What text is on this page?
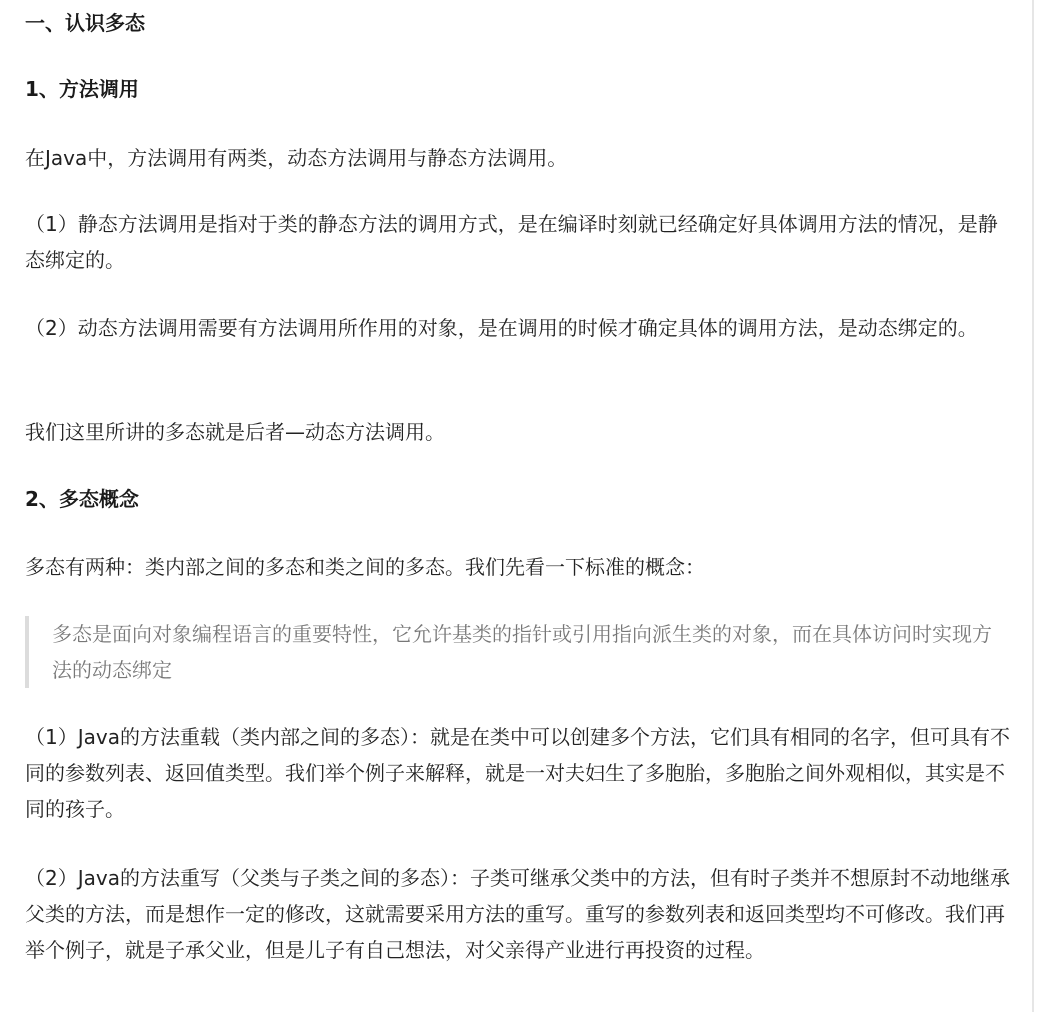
一、认识多态
1、方法调用

在Java中，方法调用有两类，动态方法调用与静态方法调用。

（1）静态方法调用是指对于类的静态方法的调用方式，是在编译时刻就已经确定好具体调用方法的情况，是静态绑定的。

（2）动态方法调用需要有方法调用所作用的对象，是在调用的时候才确定具体的调用方法，是动态绑定的。

我们这里所讲的多态就是后者—动态方法调用。

2、多态概念

多态有两种：类内部之间的多态和类之间的多态。我们先看一下标准的概念：

多态是面向对象编程语言的重要特性，它允许基类的指针或引用指向派生类的对象，而在具体访问时实现方法的动态绑定

（1）Java的方法重载（类内部之间的多态）：就是在类中可以创建多个方法，它们具有相同的名字，但可具有不同的参数列表、返回值类型。我们举个例子来解释，就是一对夫妇生了多胞胎，多胞胎之间外观相似，其实是不同的孩子。

（2）Java的方法重写（父类与子类之间的多态）：子类可继承父类中的方法，但有时子类并不想原封不动地继承父类的方法，而是想作一定的修改，这就需要采用方法的重写。重写的参数列表和返回类型均不可修改。我们再举个例子，就是子承父业，但是儿子有自己想法，对父亲得产业进行再投资的过程。
